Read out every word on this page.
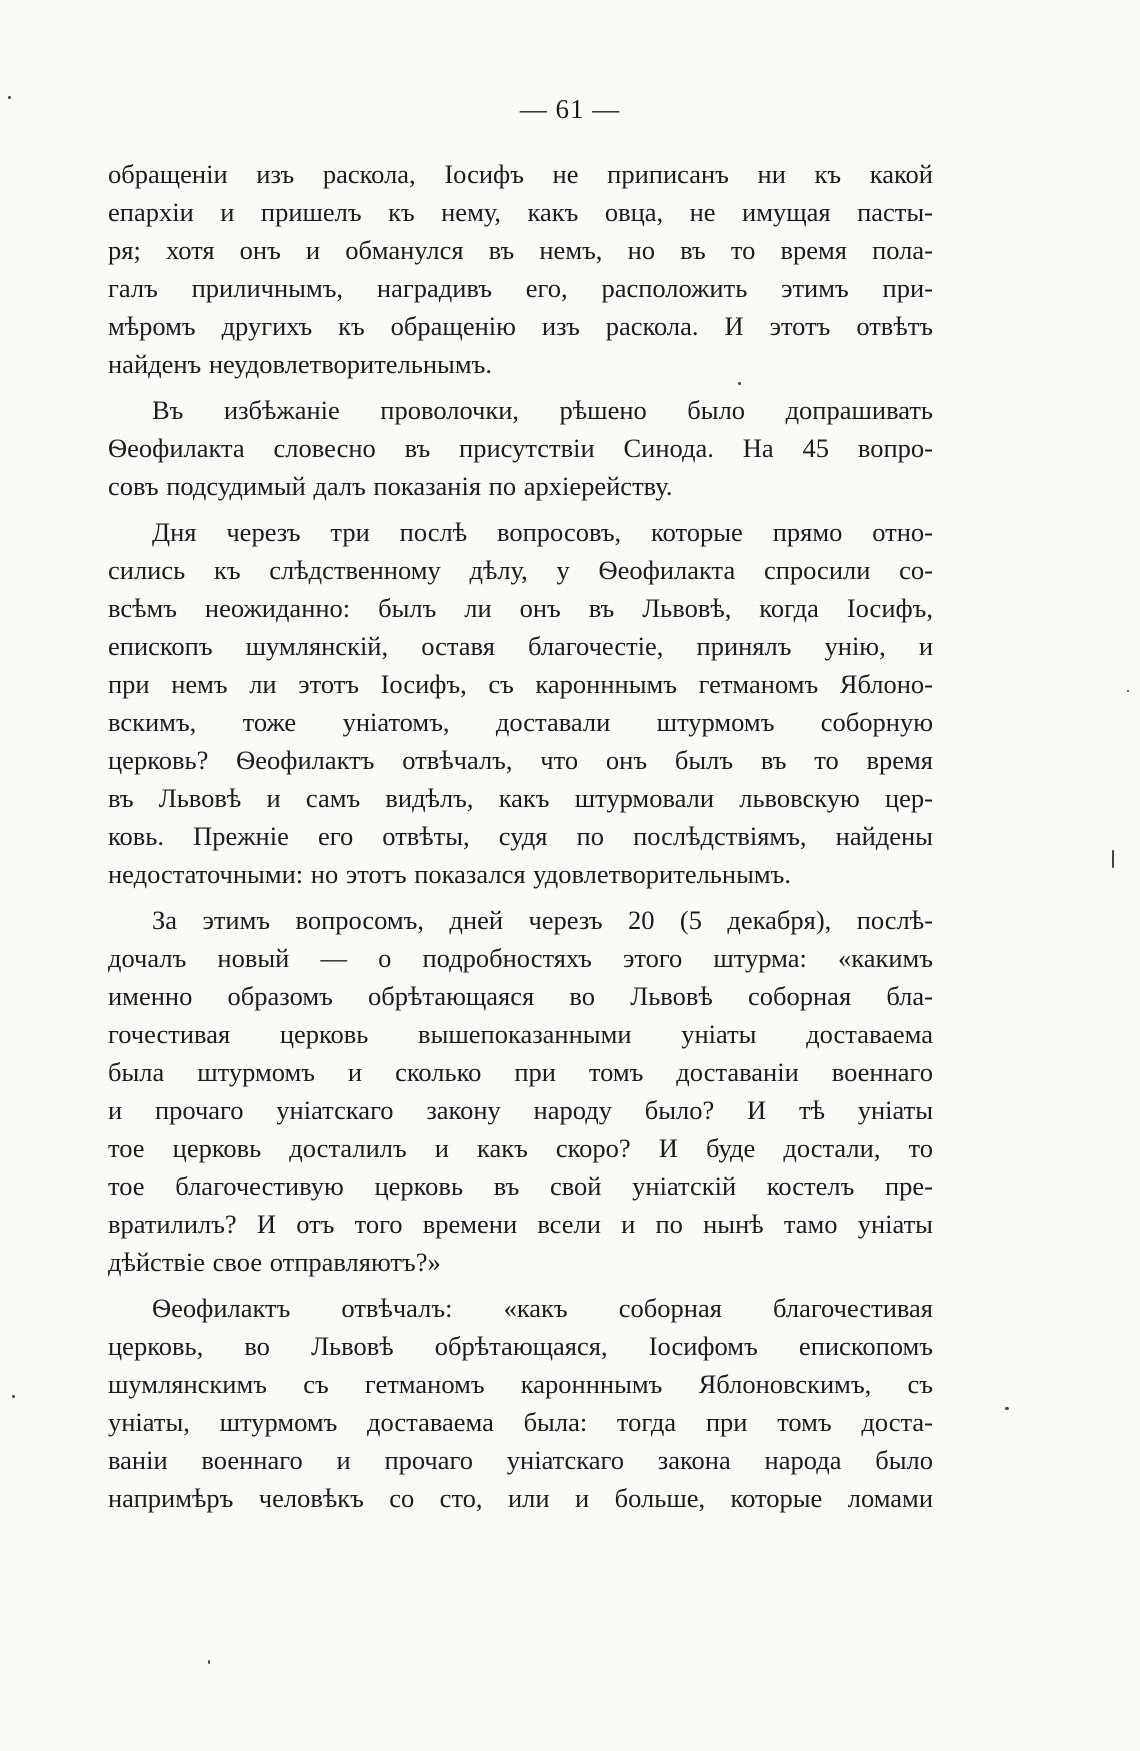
— 61 —
обращеніи изъ раскола, Іосифъ не приписанъ ни къ какой
епархіи и пришелъ къ нему, какъ овца, не имущая пасты-
ря; хотя онъ и обманулся въ немъ, но въ то время пола-
галъ приличнымъ, наградивъ его, расположить этимъ при-
мѣромъ другихъ къ обращенію изъ раскола. И этотъ отвѣтъ
найденъ неудовлетворительнымъ.
Въ избѣжаніе проволочки, рѣшено было допрашивать
Ѳеофилакта словесно въ присутствіи Синода. На 45 вопро-
совъ подсудимый далъ показанія по архіерейству.
Дня черезъ три послѣ вопросовъ, которые прямо отно-
сились къ слѣдственному дѣлу, у Ѳеофилакта спросили со-
всѣмъ неожиданно: былъ ли онъ въ Львовѣ, когда Іосифъ,
епископъ шумлянскій, оставя благочестіе, принялъ унію, и
при немъ ли этотъ Іосифъ, съ каронннымъ гетманомъ Яблоно-
вскимъ, тоже уніатомъ, доставали штурмомъ соборную
церковь? Ѳеофилактъ отвѣчалъ, что онъ былъ въ то время
въ Львовѣ и самъ видѣлъ, какъ штурмовали львовскую цер-
ковь. Прежніе его отвѣты, судя по послѣдствіямъ, найдены
недостаточными: но этотъ показался удовлетворительнымъ.
За этимъ вопросомъ, дней черезъ 20 (5 декабря), послѣ-
дочалъ новый — о подробностяхъ этого штурма: «какимъ
именно образомъ обрѣтающаяся во Львовѣ соборная бла-
гочестивая церковь вышепоказанными уніаты доставаема
была штурмомъ и сколько при томъ доставаніи военнаго
и прочаго уніатскаго закону народу было? И тѣ уніаты
тое церковь досталилъ и какъ скоро? И буде достали, то
тое благочестивую церковь въ свой уніатскій костелъ пре-
вратилилъ? И отъ того времени всели и по нынѣ тамо уніаты
дѣйствіе свое отправляютъ?»
Ѳеофилактъ отвѣчалъ: «какъ соборная благочестивая
церковь, во Львовѣ обрѣтающаяся, Іосифомъ епископомъ
шумлянскимъ съ гетманомъ каронннымъ Яблоновскимъ, съ
уніаты, штурмомъ доставаема была: тогда при томъ доста-
ваніи военнаго и прочаго уніатскаго закона народа было
напримѣръ человѣкъ со сто, или и больше, которые ломами
